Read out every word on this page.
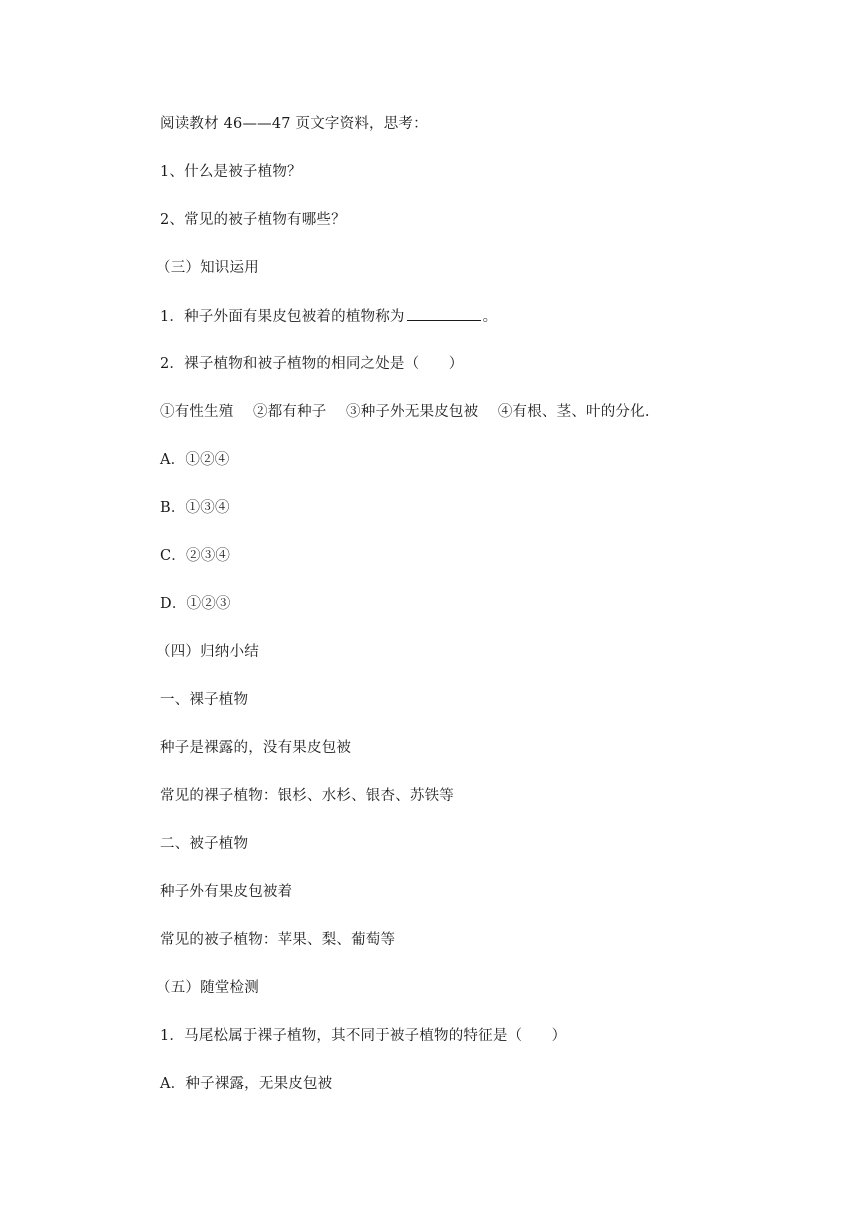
阅读教材 46——47 页文字资料，思考：
1、什么是被子植物？
2、常见的被子植物有哪些？
（三）知识运用
1．种子外面有果皮包被着的植物称为	。
2．裸子植物和被子植物的相同之处是（　　）
①有性生殖　 ②都有种子　 ③种子外无果皮包被　 ④有根、茎、叶的分化.
A．①②④
B．①③④
C．②③④
D．①②③
（四）归纳小结
一、裸子植物
种子是裸露的，没有果皮包被
常见的裸子植物：银杉、水杉、银杏、苏铁等
二、被子植物
种子外有果皮包被着
常见的被子植物：苹果、梨、葡萄等
（五）随堂检测
1．马尾松属于裸子植物，其不同于被子植物的特征是（　　）
A．种子裸露，无果皮包被
